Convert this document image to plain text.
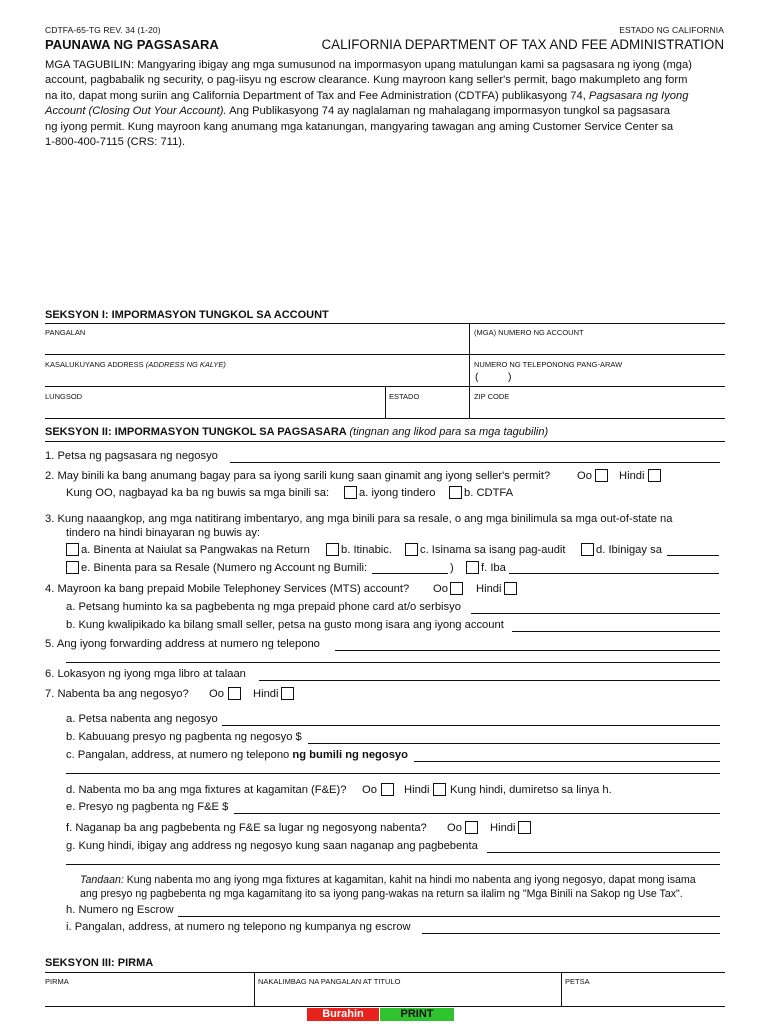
CDTFA-65-TG REV. 34 (1-20)	ESTADO NG CALIFORNIA
PAUNAWA NG PAGSASARA	CALIFORNIA DEPARTMENT OF TAX AND FEE ADMINISTRATION
MGA TAGUBILIN: Mangyaring ibigay ang mga sumusunod na impormasyon upang matulungan kami sa pagsasara ng iyong (mga)
account, pagbabalik ng security, o pag-iisyu ng escrow clearance. Kung mayroon kang seller's permit, bago makumpleto ang form
na ito, dapat mong suriin ang California Department of Tax and Fee Administration (CDTFA) publikasyong 74, Pagsasara ng Iyong
Account (Closing Out Your Account). Ang Publikasyong 74 ay naglalaman ng mahalagang impormasyon tungkol sa pagsasara
ng iyong permit. Kung mayroon kang anumang mga katanungan, mangyaring tawagan ang aming Customer Service Center sa
1-800-400-7115 (CRS: 711).
SEKSYON I: IMPORMASYON TUNGKOL SA ACCOUNT
PANGALAN	(MGA) NUMERO NG ACCOUNT
KASALUKUYANG ADDRESS (ADDRESS NG KALYE)	NUMERO NG TELEPONONG PANG-ARAW
(	)
LUNGSOD	ESTADO	ZIP CODE
SEKSYON II: IMPORMASYON TUNGKOL SA PAGSASARA (tingnan ang likod para sa mga tagubilin)
1. Petsa ng pagsasara ng negosyo
2. May binili ka bang anumang bagay para sa iyong sarili kung saan ginamit ang iyong seller's permit? Oo Hindi
Kung OO, nagbayad ka ba ng buwis sa mga binili sa:	a. iyong tindero	b. CDTFA
3. Kung naaangkop, ang mga natitirang imbentaryo, ang mga binili para sa resale, o ang mga binilimula sa mga out-of-state na
tindero na hindi binayaran ng buwis ay:
a. Binenta at Naiulat sa Pangwakas na Return	b. Itinabic.	c. Isinama sa isang pag-audit	d. Ibinigay sa
e. Binenta para sa Resale (Numero ng Account ng Bumili:	) f. Iba
4. Mayroon ka bang prepaid Mobile Telephoney Services (MTS) account? Oo	Hindi
a. Petsang huminto ka sa pagbebenta ng mga prepaid phone card at/o serbisyo
b. Kung kwalipikado ka bilang small seller, petsa na gusto mong isara ang iyong account
5. Ang iyong forwarding address at numero ng telepono
6. Lokasyon ng iyong mga libro at talaan
7. Nabenta ba ang negosyo? Oo	Hindi
a. Petsa nabenta ang negosyo
b. Kabuuang presyo ng pagbenta ng negosyo $
c. Pangalan, address, at numero ng telepono ng bumili ng negosyo
d. Nabenta mo ba ang mga fixtures at kagamitan (F&E)? Oo Hindi Kung hindi, dumiretso sa linya h.
e. Presyo ng pagbenta ng F&E $
f. Naganap ba ang pagbebenta ng F&E sa lugar ng negosyong nabenta? Oo	Hindi
g. Kung hindi, ibigay ang address ng negosyo kung saan naganap ang pagbebenta
Tandaan: Kung nabenta mo ang iyong mga fixtures at kagamitan, kahit na hindi mo nabenta ang iyong negosyo, dapat mong isama
ang presyo ng pagbebenta ng mga kagamitang ito sa iyong pang-wakas na return sa ilalim ng "Mga Binili na Sakop ng Use Tax".
h. Numero ng Escrow
i. Pangalan, address, at numero ng telepono ng kumpanya ng escrow
SEKSYON III: PIRMA
PIRMA	NAKALIMBAG NA PANGALAN AT TITULO	PETSA
Burahin	PRINT
